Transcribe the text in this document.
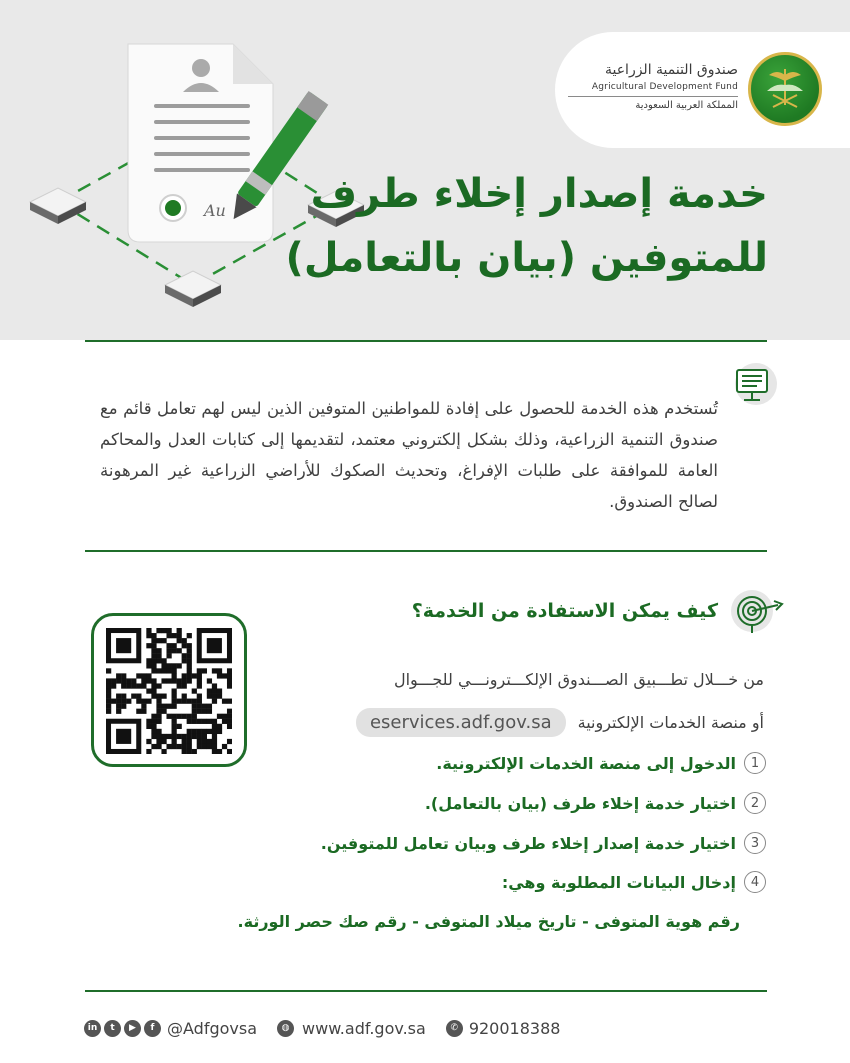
Au
صندوق التنمية الزراعية
Agricultural Development Fund
المملكة العربية السعودية
خدمة إصدار إخلاء طرف
للمتوفين (بيان بالتعامل)
تُستخدم هذه الخدمة للحصول على إفادة للمواطنين المتوفين الذين ليس لهم تعامل قائم مع صندوق التنمية الزراعية، وذلك بشكل إلكتروني معتمد، لتقديمها إلى كتابات العدل والمحاكم العامة للموافقة على طلبات الإفراغ، وتحديث الصكوك للأراضي الزراعية غير المرهونة لصالح الصندوق.
كيف يمكن الاستفادة من الخدمة؟
من خـــلال تطـــبيق الصـــندوق الإلكـــترونـــي للجـــوال
أو منصة الخدمات الإلكترونية
eservices.adf.gov.sa
1
الدخول إلى منصة الخدمات الإلكترونية.
2
اختيار خدمة إخلاء طرف (بيان بالتعامل).
3
اختيار خدمة إصدار إخلاء طرف وبيان تعامل للمتوفين.
4
إدخال البيانات المطلوبة وهي:
رقم هوية المتوفى - تاريخ ميلاد المتوفى - رقم صك حصر الورثة.
in	t	▶	f @Adfgovsa	◍ www.adf.gov.sa	✆ 920018388
